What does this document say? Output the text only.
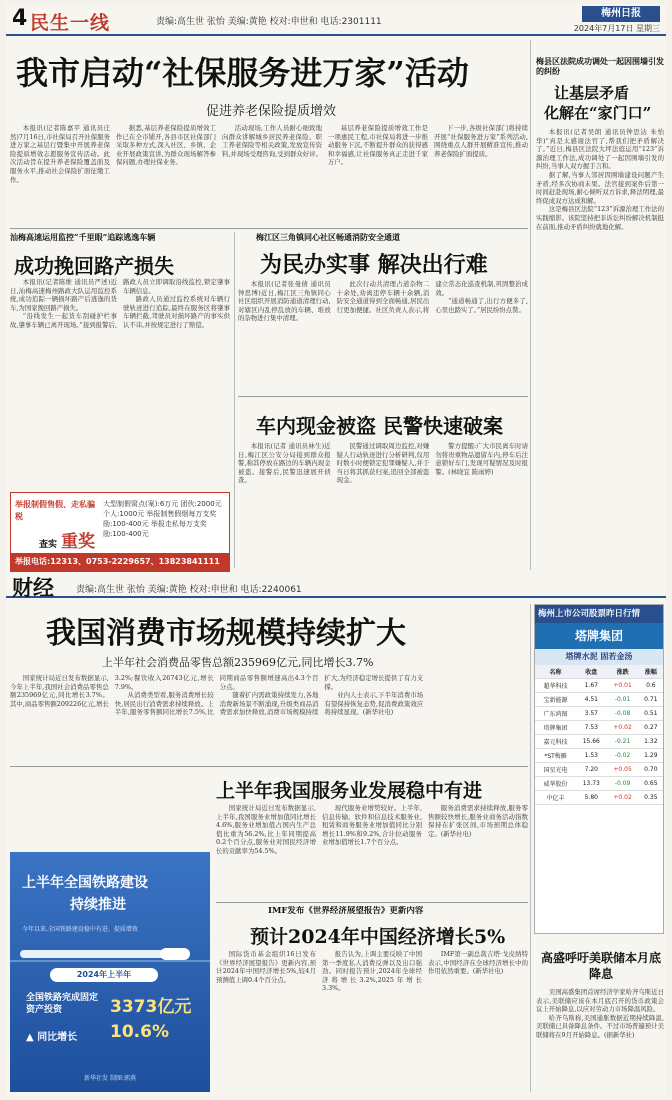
4 民生一线	责编:高生世 张怡 美编:黄艳 校对:申世和 电话:2301111
梅州日报
2024年7月17日 星期三
我市启动“社保服务进万家”活动
促进养老保险提质增效

本报讯(记者陈嘉平 通讯员庄然)7月16日,市社保局召开社保服务进万家之基层行暨集中开展养老保险提质增效志愿服务宣传活动。此次活动旨在提升养老保险覆盖面及服务水平,推动社会保险扩面征缴工作。

据悉,基层养老保险提质增效工作已在全市铺开,各县市区社保部门采取多种方式,深入社区、乡镇、企业开展政策宣讲,为群众现场解答参保问题,办理社保业务。

活动现场,工作人员耐心细致地向群众讲解城乡居民养老保险、职工养老保险等相关政策,发放宣传资料,并现场受理咨询,受到群众好评。

基层养老保险提质增效工作是一项惠民工程,市社保局将进一步推动服务下沉,不断提升群众的获得感和幸福感,让社保服务真正走进千家万户。

下一步,各级社保部门将持续开展“社保服务进万家”系列活动,围绕重点人群开展精准宣传,推动养老保险扩面提质。

梅县区法院成功调处一起因围墙引发的纠纷
让基层矛盾
化解在“家门口”

本报讯(记者吴朗 通讯员钟思达 朱怡华)“真是太感谢法官了,帮我们把矛盾解决了。”近日,梅县区法院大坪法庭运用“123”诉源治理工作法,成功调处了一起因围墙引发的纠纷,当事人双方握手言和。

据了解,当事人邻居因围墙建设问题产生矛盾,经多次协商未果。法官接到案件后第一时间赶赴现场,耐心倾听双方诉求,释法明理,最终促成双方达成和解。

这是梅县区法院“123”诉源治理工作法的实践缩影。该院坚持把非诉讼纠纷解决机制挺在前面,推动矛盾纠纷就地化解。

汕梅高速运用监控“千里眼”追踪逃逸车辆
成功挽回路产损失

本报讯(记者陈维 通讯员严述)近日,汕梅高速梅州路政大队运用监控系统,成功追踪一辆损坏路产后逃逸的货车,为国家挽回路产损失。

“沿线发生一起货车刮碰护栏事故,肇事车辆已离开现场。”接到报警后,路政人员立即调取沿线监控,锁定肇事车辆信息。

路政人员通过监控系统对车辆行驶轨迹进行追踪,最终在服务区将肇事车辆拦截,驾驶员对损坏路产的事实供认不讳,并按规定进行了赔偿。

举报制假售假、走私骗税
查实 重奖
大型制假窝点(案):6万元 团伙:2000元 个人:1000元 举报制售假烟每万支奖励:100-400元 举报走私每万支奖励:100-400元
举报电话:12313、0753-2229657、13823841111
梅江区三角镇同心社区畅通消防安全通道
为民办实事 解决出行难

本报讯(记者张曼倩 通讯员钟思博)近日,梅江区三角镇同心社区组织开展消防通道清理行动,对辖区内乱停乱放的车辆、堆放的杂物进行集中清理。

此次行动共清理占道杂物二十余处,劝离违停车辆十余辆,消防安全通道得到全面畅通,居民出行更加便捷。社区负责人表示,将建立常态化巡查机制,巩固整治成效。

“通道畅通了,出行方便多了,心里也踏实了。”居民纷纷点赞。

车内现金被盗 民警快速破案

本报讯(记者 通讯员林生)近日,梅江区公安分局接到群众报警,称其停放在路边的车辆内现金被盗。接警后,民警迅速展开侦查。

民警通过调取周边监控,对嫌疑人行动轨迹进行分析研判,仅用时数小时便锁定犯罪嫌疑人,并于当日将其抓获归案,追回全部被盗现金。

警方提醒:广大市民离车时请勿将贵重物品遗留车内,停车后注意锁好车门,发现可疑情况及时报警。(林晓宜 陈雨婷)

财经 责编:高生世 张怡 美编:黄艳 校对:申世和 电话:2240061
我国消费市场规模持续扩大
上半年社会消费品零售总额235969亿元,同比增长3.7%

国家统计局近日发布数据显示,今年上半年,我国社会消费品零售总额235969亿元,同比增长3.7%。其中,商品零售额209226亿元,增长3.2%;餐饮收入26743亿元,增长7.9%。

从消费类型看,服务消费增长较快,居民出行消费需求持续释放。上半年,服务零售额同比增长7.5%,比同期商品零售额增速高出4.3个百分点。

随着扩内需政策持续发力,各地消费新场景不断涌现,升级类商品消费需求加快释放,消费市场规模持续扩大,为经济稳定增长提供了有力支撑。

业内人士表示,下半年消费市场有望保持恢复态势,促消费政策效应将持续显现。(新华社电)

梅州上市公司股票昨日行情
塔牌集团
塔牌水泥 固若金汤
名称	收盘	涨跌	涨幅
超华科技	1.67	+0.01	0.6
宝新能源	4.51	-0.01	0.71
广东鸿图	3.57	-0.08	0.51
塔牌集团	7.53	+0.02	0.27
嘉元科技	15.66	-0.21	1.32
*ST梅雁	1.53	-0.02	1.29
国星光电	7.20	+0.05	0.70
威华股份	13.73	-0.09	0.65
中亿丰	5.80	+0.02	0.35
上半年我国服务业发展稳中有进

国家统计局近日发布数据显示,上半年,我国服务业增加值同比增长4.6%,服务业增加值占国内生产总值比重为56.2%,比上年同期提高0.2个百分点,服务业对国民经济增长的贡献率为54.5%。

现代服务业增势较好。上半年,信息传输、软件和信息技术服务业,租赁和商务服务业增加值同比分别增长11.9%和9.2%,合计拉动服务业增加值增长1.7个百分点。

服务消费需求持续释放,服务零售额较快增长,服务业商务活动指数保持在扩张区间,市场预期总体稳定。(新华社电)

上半年全国铁路建设
持续推进
今年以来,全国铁路建设稳中有进、提质增效
2024年上半年
全国铁路完成固定资产投资	3373亿元
▲ 同比增长 10.6%
新华社发 制图:郭燕
IMF发布《世界经济展望报告》更新内容
预计2024年中国经济增长5%

国际货币基金组织16日发布《世界经济展望报告》更新内容,预计2024年中国经济增长5%,较4月预测值上调0.4个百分点。

报告认为,上调主要反映了中国第一季度私人消费反弹以及出口强劲。同时报告预计,2024年全球经济将增长3.2%,2025年增长3.3%。

IMF第一副总裁吉塔·戈皮纳特表示,中国经济在全球经济增长中的作用依然重要。(新华社电)

高盛呼吁美联储本月底降息

美国高盛集团首席经济学家哈齐乌斯近日表示,美联储应该在本月底召开的货币政策会议上开始降息,以应对劳动力市场降温风险。

哈齐乌斯称,美国通胀数据近期持续降温,美联储已具备降息条件。不过市场普遍预计美联储将在9月开始降息。(据新华社)
